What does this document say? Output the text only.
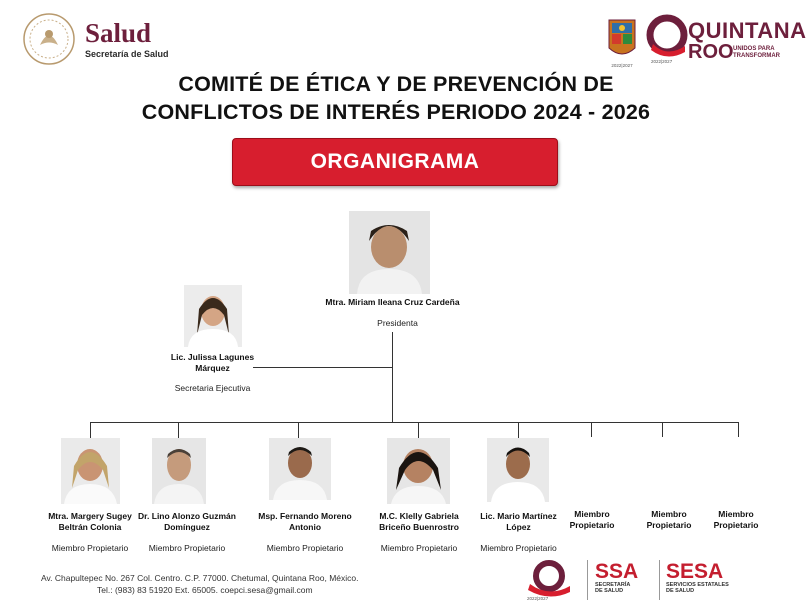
Salud
Secretaría de Salud
2022|2027
QUINTANA
ROO UNIDOS PARA
TRANSFORMAR
2022|2027
COMITÉ DE ÉTICA Y DE PREVENCIÓN DE
CONFLICTOS DE INTERÉS PERIODO 2024 - 2026
ORGANIGRAMA
Mtra. Miriam Ileana Cruz Cardeña
Presidenta
Lic. Julissa Lagunes
Márquez
Secretaria Ejecutiva
Mtra. Margery Sugey
Beltrán Colonia
Miembro Propietario
Dr. Lino Alonzo Guzmán
Domínguez
Miembro Propietario
Msp. Fernando Moreno
Antonio
Miembro Propietario
M.C. Klelly Gabriela
Briceño Buenrostro
Miembro Propietario
Lic. Mario Martínez
López
Miembro Propietario
Miembro
Propietario
Miembro
Propietario
Miembro
Propietario
Av. Chapultepec No. 267 Col. Centro. C.P. 77000. Chetumal, Quintana Roo, México.
Tel.: (983) 83 51920 Ext. 65005. coepci.sesa@gmail.com
2022|2027
SSA
SECRETARÍA
DE SALUD
SESA
SERVICIOS ESTATALES
DE SALUD
